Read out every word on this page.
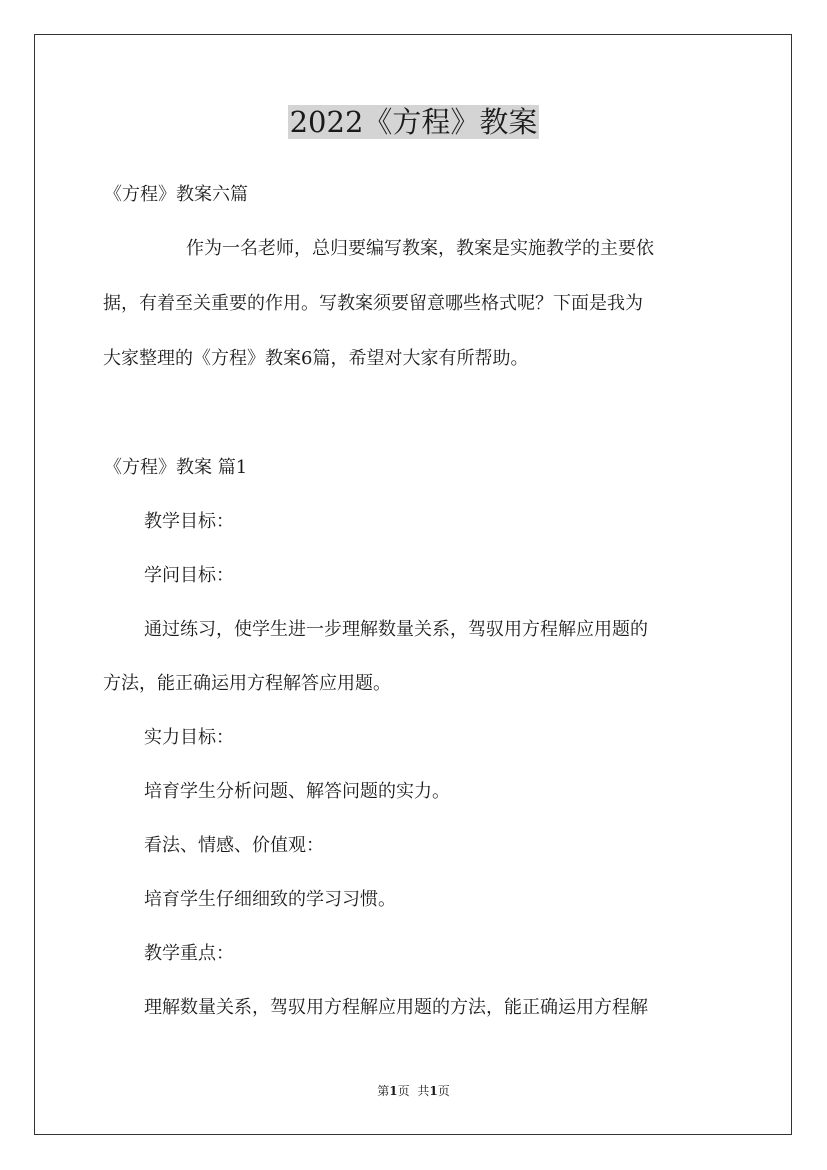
2022《方程》教案
《方程》教案六篇
作为一名老师，总归要编写教案，教案是实施教学的主要依
据，有着至关重要的作用。写教案须要留意哪些格式呢？下面是我为
大家整理的《方程》教案6篇，希望对大家有所帮助。
《方程》教案 篇1
教学目标：
学问目标：
通过练习，使学生进一步理解数量关系，驾驭用方程解应用题的
方法，能正确运用方程解答应用题。
实力目标：
培育学生分析问题、解答问题的实力。
看法、情感、价值观：
培育学生仔细细致的学习习惯。
教学重点：
理解数量关系，驾驭用方程解应用题的方法，能正确运用方程解
第1页 共1页
